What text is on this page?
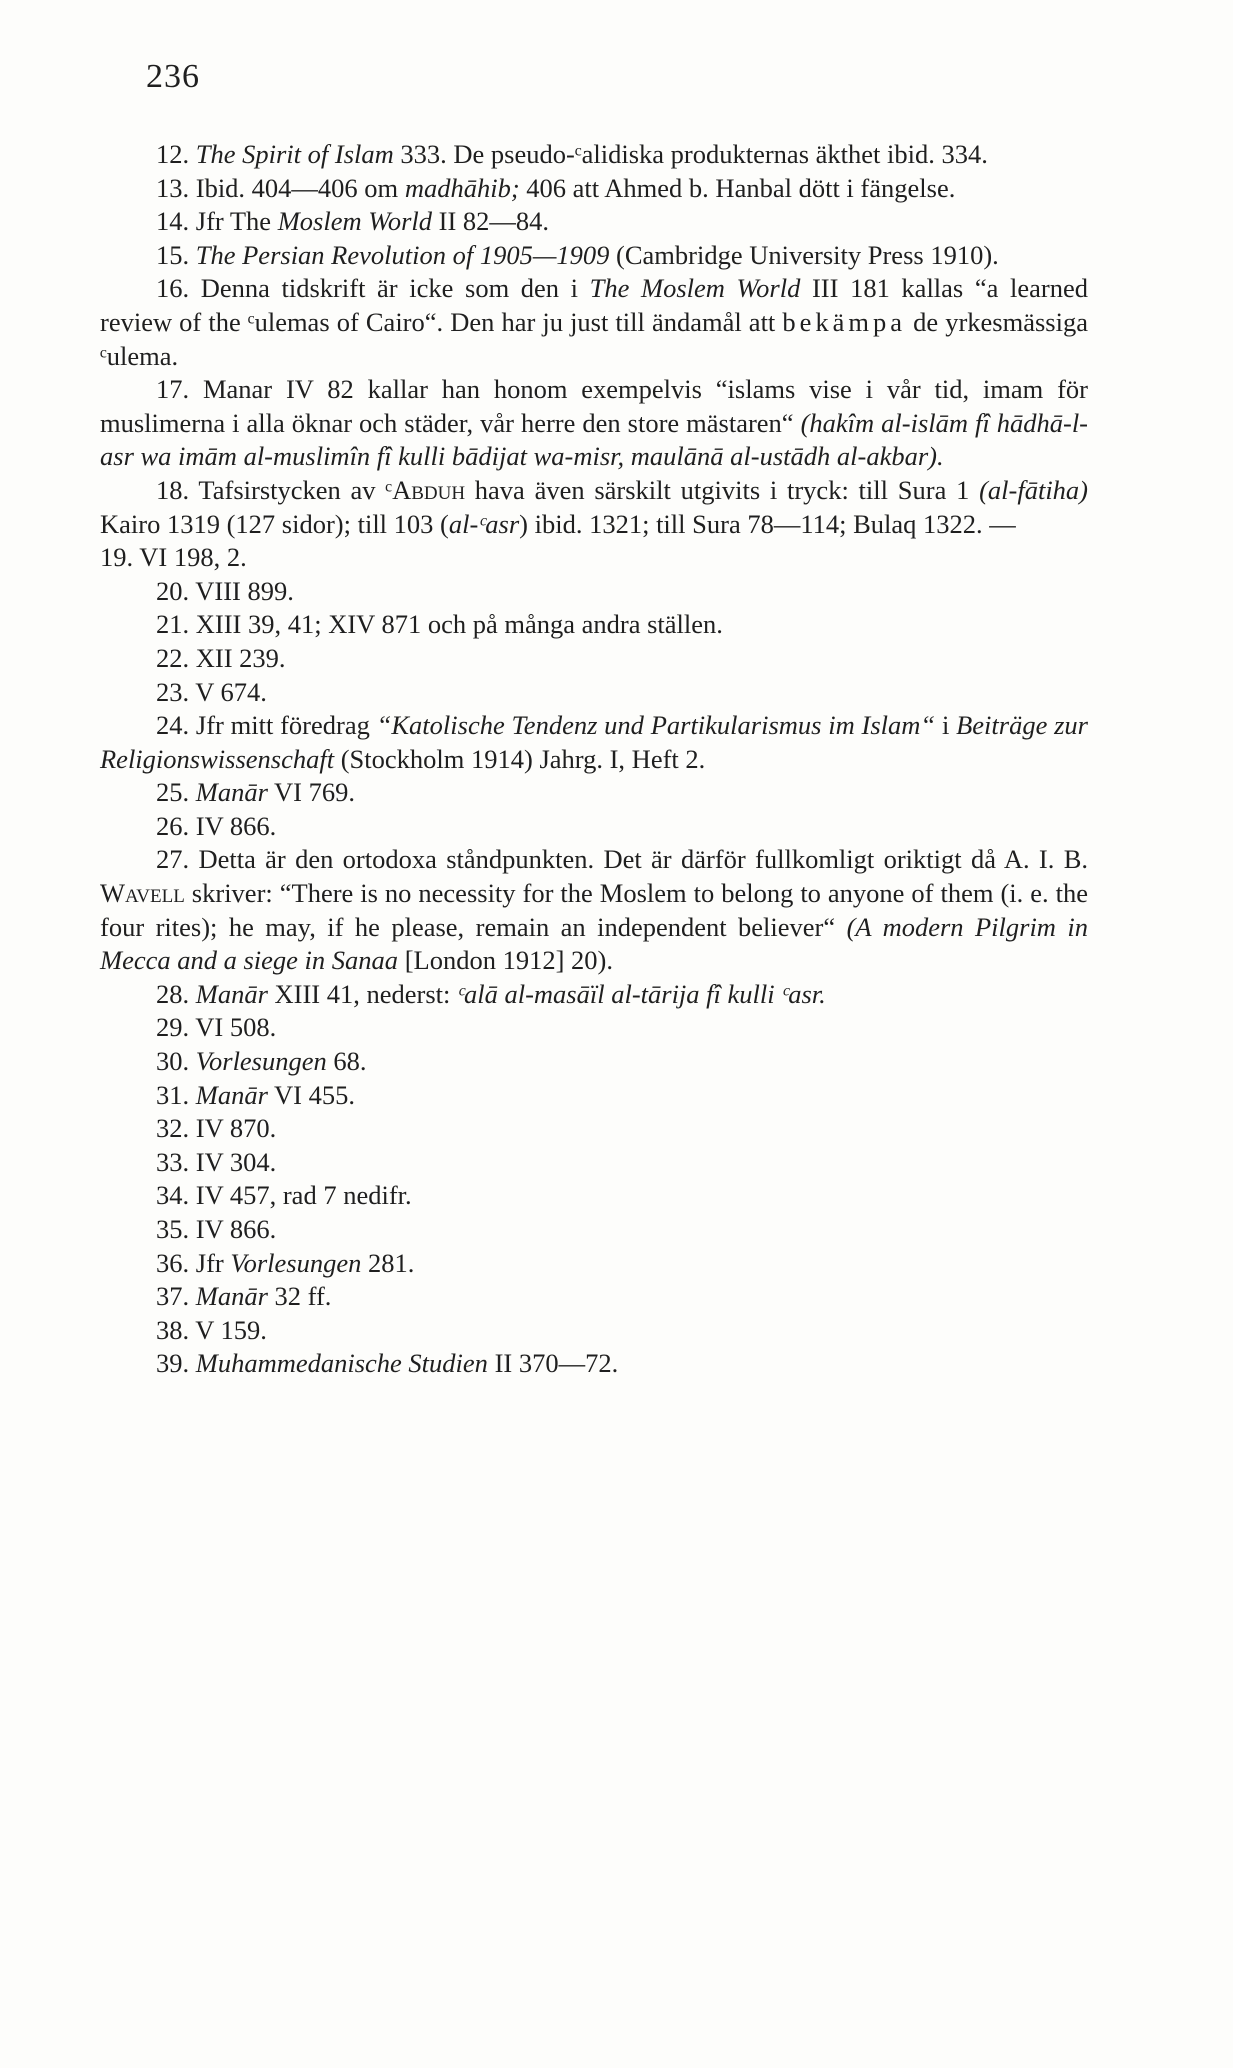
236

12. The Spirit of Islam 333. De pseudo-ᶜalidiska produkternas äkthet ibid. 334.

13. Ibid. 404—406 om madhāhib; 406 att Ahmed b. Hanbal dött i fängelse.

14. Jfr The Moslem World II 82—84.

15. The Persian Revolution of 1905—1909 (Cambridge University Press 1910).

16. Denna tidskrift är icke som den i The Moslem World III 181 kallas “a learned review of the ᶜulemas of Cairo“. Den har ju just till ändamål att bekämpa de yrkesmässiga ᶜulema.

17. Manar IV 82 kallar han honom exempelvis “islams vise i vår tid, imam för muslimerna i alla öknar och städer, vår herre den store mästaren“ (hakîm al-islām fî hādhā-l-asr wa imām al-muslimîn fî kulli bādijat wa-misr, maulānā al-ustādh al-akbar).

18. Tafsirstycken av ᶜAbduh hava även särskilt utgivits i tryck: till Sura 1 (al-fātiha) Kairo 1319 (127 sidor); till 103 (al-ᶜasr) ibid. 1321; till Sura 78—114; Bulaq 1322. —

19. VI 198, 2.

20. VIII 899.

21. XIII 39, 41; XIV 871 och på många andra ställen.

22. XII 239.

23. V 674.

24. Jfr mitt föredrag “Katolische Tendenz und Partikularismus im Islam“ i Beiträge zur Religionswissenschaft (Stockholm 1914) Jahrg. I, Heft 2.

25. Manār VI 769.

26. IV 866.

27. Detta är den ortodoxa ståndpunkten. Det är därför fullkomligt oriktigt då A. I. B. Wavell skriver: “There is no necessity for the Moslem to belong to anyone of them (i. e. the four rites); he may, if he please, remain an independent believer“ (A modern Pilgrim in Mecca and a siege in Sanaa [London 1912] 20).

28. Manār XIII 41, nederst: ᶜalā al-masāïl al-tārija fî kulli ᶜasr.

29. VI 508.

30. Vorlesungen 68.

31. Manār VI 455.

32. IV 870.

33. IV 304.

34. IV 457, rad 7 nedifr.

35. IV 866.

36. Jfr Vorlesungen 281.

37. Manār 32 ff.

38. V 159.

39. Muhammedanische Studien II 370—72.
